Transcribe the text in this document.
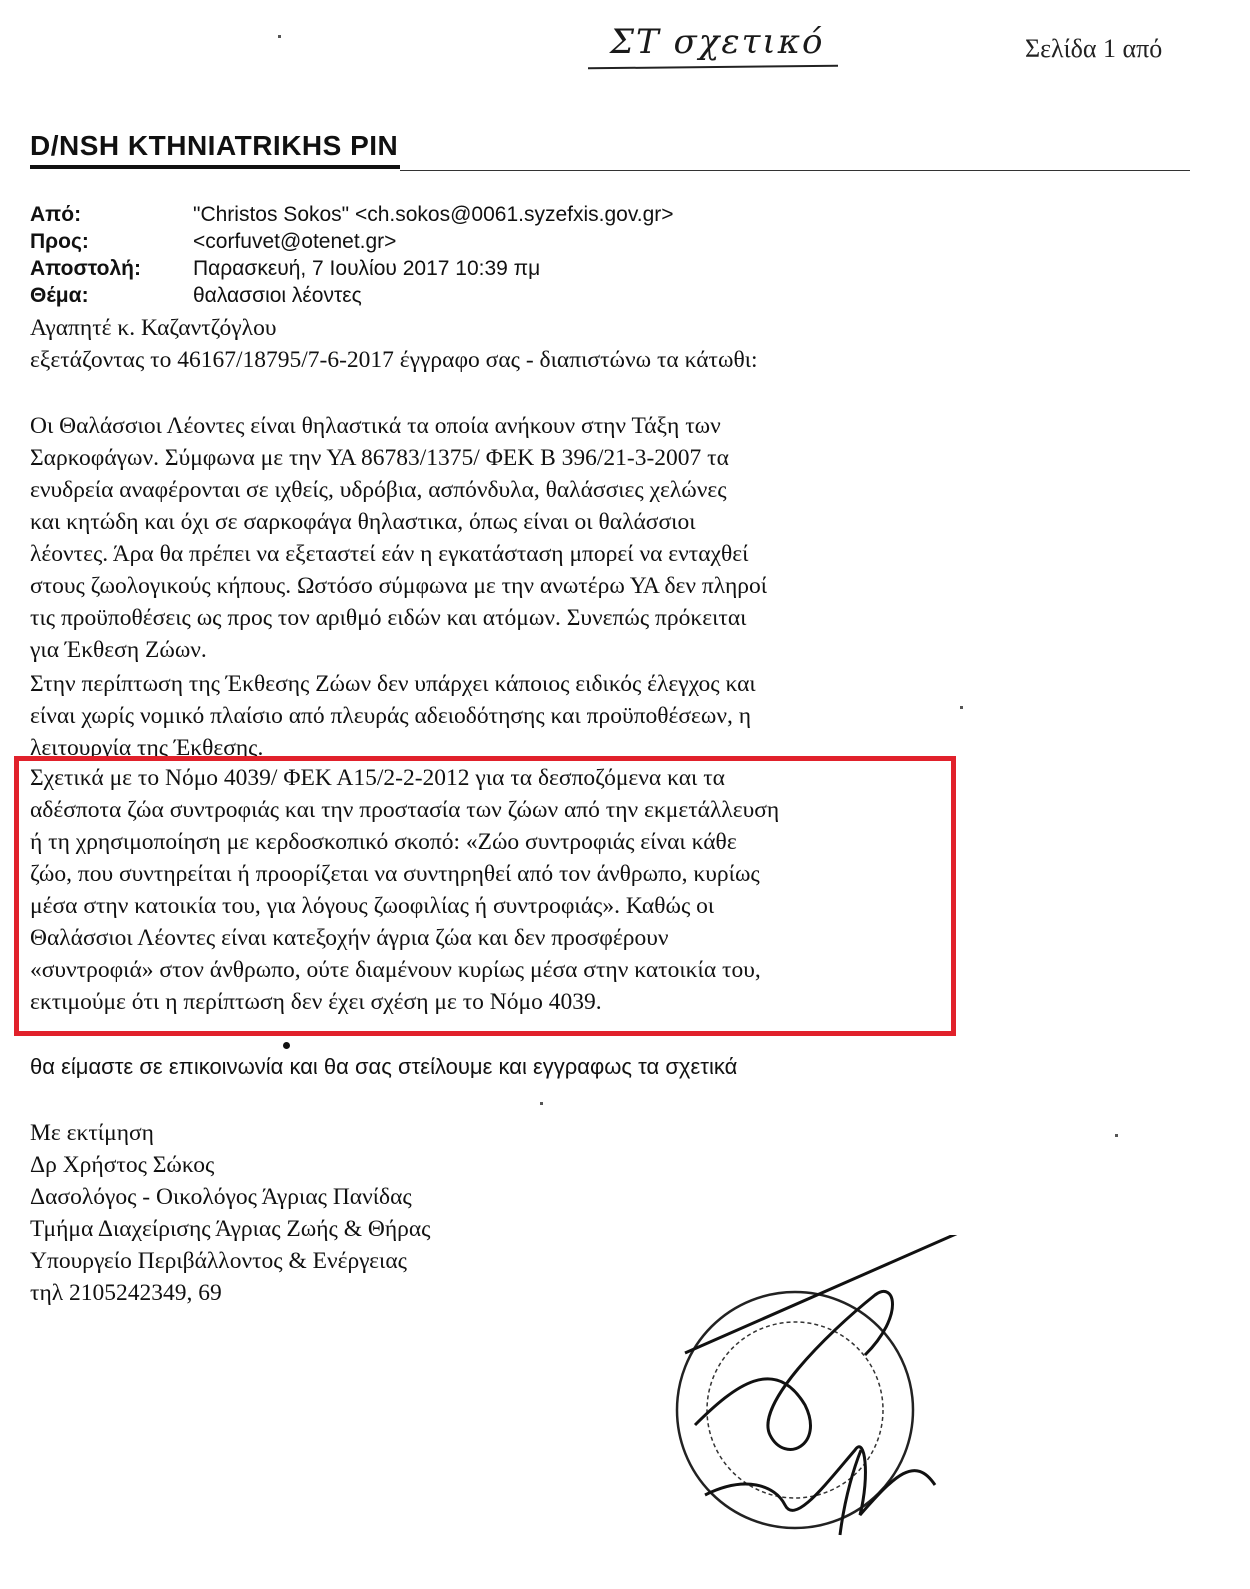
ΣΤ σχετικό	Σελίδα 1 από
D/NSH KTHNIATRIKHS PIN
Από:	"Christos Sokos" <ch.sokos@0061.syzefxis.gov.gr>
Προς:	<corfuvet@otenet.gr>
Αποστολή: Παρασκευή, 7 Ιουλίου 2017 10:39 πμ
Θέμα:	θαλασσιοι λέοντες
Αγαπητέ κ. Καζαντζόγλου
εξετάζοντας το 46167/18795/7-6-2017 έγγραφο σας - διαπιστώνω τα κάτωθι:
Οι Θαλάσσιοι Λέοντες είναι θηλαστικά τα οποία ανήκουν στην Τάξη των
Σαρκοφάγων. Σύμφωνα με την ΥΑ 86783/1375/ ΦΕΚ Β 396/21-3-2007 τα
ενυδρεία αναφέρονται σε ιχθείς, υδρόβια, ασπόνδυλα, θαλάσσιες χελώνες
και κητώδη και όχι σε σαρκοφάγα θηλαστικα, όπως είναι οι θαλάσσιοι
λέοντες. Άρα θα πρέπει να εξεταστεί εάν η εγκατάσταση μπορεί να ενταχθεί
στους ζωολογικούς κήπους. Ωστόσο σύμφωνα με την ανωτέρω ΥΑ δεν πληροί
τις προϋποθέσεις ως προς τον αριθμό ειδών και ατόμων. Συνεπώς πρόκειται
για Έκθεση Ζώων.
Στην περίπτωση της Έκθεσης Ζώων δεν υπάρχει κάποιος ειδικός έλεγχος και
είναι χωρίς νομικό πλαίσιο από πλευράς αδειοδότησης και προϋποθέσεων, η
λειτουργία της Έκθεσης.
Σχετικά με το Νόμο 4039/ ΦΕΚ Α15/2-2-2012 για τα δεσποζόμενα και τα
αδέσποτα ζώα συντροφιάς και την προστασία των ζώων από την εκμετάλλευση
ή τη χρησιμοποίηση με κερδοσκοπικό σκοπό: «Ζώο συντροφιάς είναι κάθε
ζώο, που συντηρείται ή προορίζεται να συντηρηθεί από τον άνθρωπο, κυρίως
μέσα στην κατοικία του, για λόγους ζωοφιλίας ή συντροφιάς». Καθώς οι
Θαλάσσιοι Λέοντες είναι κατεξοχήν άγρια ζώα και δεν προσφέρουν
«συντροφιά» στον άνθρωπο, ούτε διαμένουν κυρίως μέσα στην κατοικία του,
εκτιμούμε ότι η περίπτωση δεν έχει σχέση με το Νόμο 4039.
θα είμαστε σε επικοινωνία και θα σας στείλουμε και εγγραφως τα σχετικά
Με εκτίμηση
Δρ Χρήστος Σώκος
Δασολόγος - Οικολόγος Άγριας Πανίδας
Τμήμα Διαχείρισης Άγριας Ζωής & Θήρας
Υπουργείο Περιβάλλοντος & Ενέργειας
τηλ 2105242349, 69
